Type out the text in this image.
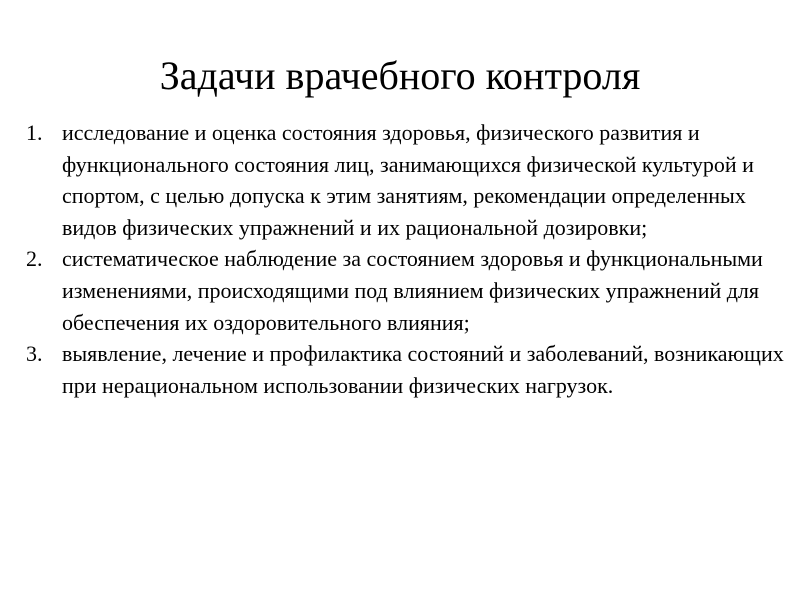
Задачи врачебного контроля
1. исследование и оценка состояния здоровья, физического развития и функционального состояния лиц, занимающихся физической культурой и спортом, с целью допуска к этим занятиям, рекомендации определенных видов физических упражнений и их рациональной дозировки;
2. систематическое наблюдение за состоянием здоровья и функциональными изменениями, происходящими под влиянием физических упражнений для обеспечения их оздоровительного влияния;
3. выявление, лечение и профилактика состояний и заболеваний, возникающих при нерациональном использовании физических нагрузок.
